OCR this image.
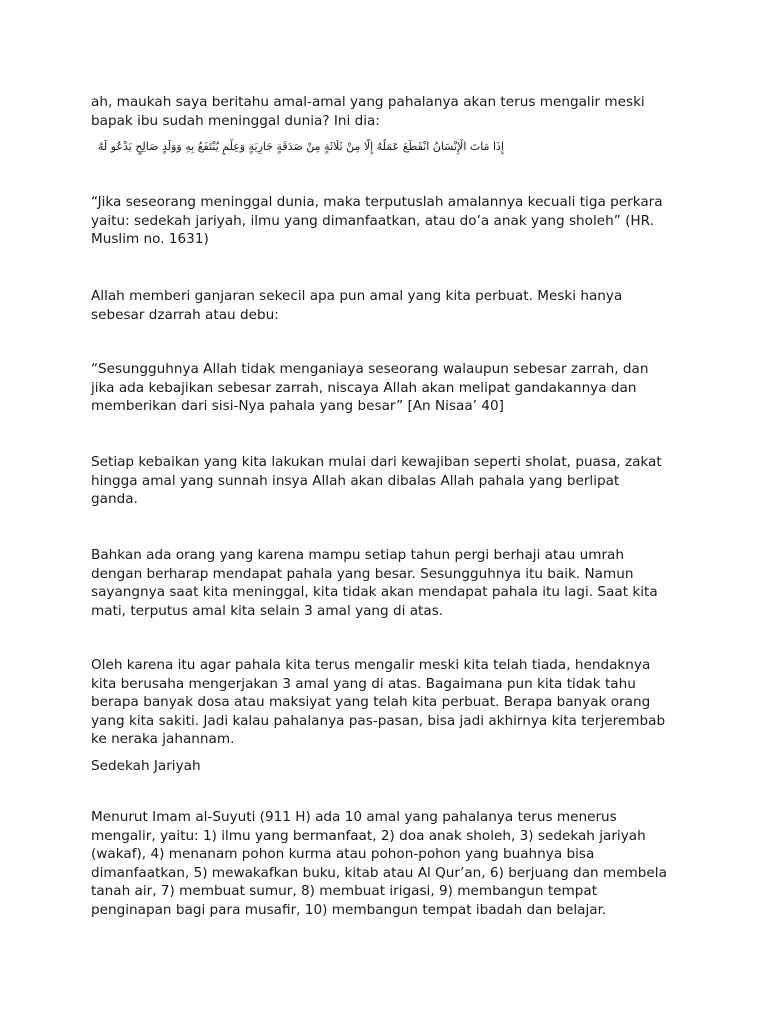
ah, maukah saya beritahu amal-amal yang pahalanya akan terus mengalir meski
bapak ibu sudah meninggal dunia? Ini dia:

إِذَا مَاتَ الْإِنْسَانُ انْقَطَعَ عَمَلُهُ إِلَّا مِنْ ثَلَاثَةٍ مِنْ صَدَقَةٍ جَارِيَةٍ وَعِلْمٍ يُنْتَفَعُ بِهِ وَوَلَدٍ صَالِحٍ يَدْعُو لَهُ

“Jika seseorang meninggal dunia, maka terputuslah amalannya kecuali tiga perkara
yaitu: sedekah jariyah, ilmu yang dimanfaatkan, atau do’a anak yang sholeh” (HR.
Muslim no. 1631)

Allah memberi ganjaran sekecil apa pun amal yang kita perbuat. Meski hanya
sebesar dzarrah atau debu:

“Sesungguhnya Allah tidak menganiaya seseorang walaupun sebesar zarrah, dan
jika ada kebajikan sebesar zarrah, niscaya Allah akan melipat gandakannya dan
memberikan dari sisi-Nya pahala yang besar” [An Nisaa’ 40]

Setiap kebaikan yang kita lakukan mulai dari kewajiban seperti sholat, puasa, zakat
hingga amal yang sunnah insya Allah akan dibalas Allah pahala yang berlipat
ganda.

Bahkan ada orang yang karena mampu setiap tahun pergi berhaji atau umrah
dengan berharap mendapat pahala yang besar. Sesungguhnya itu baik. Namun
sayangnya saat kita meninggal, kita tidak akan mendapat pahala itu lagi. Saat kita
mati, terputus amal kita selain 3 amal yang di atas.

Oleh karena itu agar pahala kita terus mengalir meski kita telah tiada, hendaknya
kita berusaha mengerjakan 3 amal yang di atas. Bagaimana pun kita tidak tahu
berapa banyak dosa atau maksiyat yang telah kita perbuat. Berapa banyak orang
yang kita sakiti. Jadi kalau pahalanya pas-pasan, bisa jadi akhirnya kita terjerembab
ke neraka jahannam.

Sedekah Jariyah

Menurut Imam al-Suyuti (911 H) ada 10 amal yang pahalanya terus menerus
mengalir, yaitu: 1) ilmu yang bermanfaat, 2) doa anak sholeh, 3) sedekah jariyah
(wakaf), 4) menanam pohon kurma atau pohon-pohon yang buahnya bisa
dimanfaatkan, 5) mewakafkan buku, kitab atau Al Qur’an, 6) berjuang dan membela
tanah air, 7) membuat sumur, 8) membuat irigasi, 9) membangun tempat
penginapan bagi para musafir, 10) membangun tempat ibadah dan belajar.
